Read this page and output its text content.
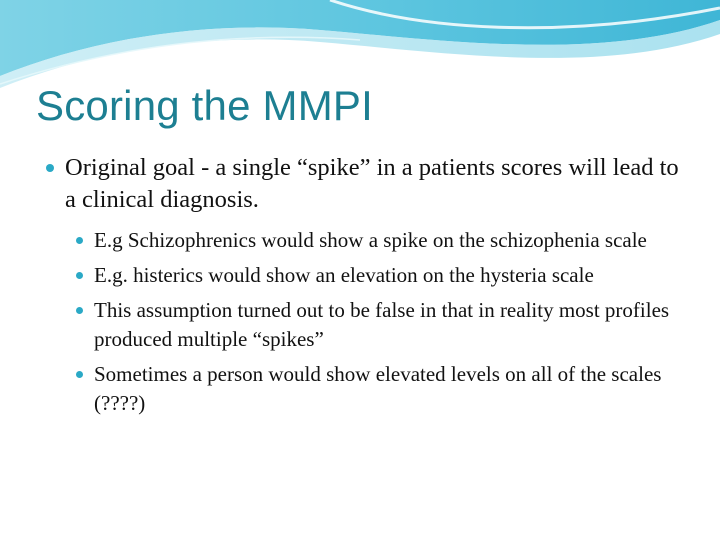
Scoring the MMPI
Original goal - a single “spike” in a patients scores will lead to a clinical diagnosis.
E.g Schizophrenics would show a spike on the schizophenia scale
E.g. histerics would show an elevation on the hysteria scale
This assumption turned out to be false in that in reality most profiles produced multiple “spikes”
Sometimes a person would show elevated levels on all of the scales (????)
